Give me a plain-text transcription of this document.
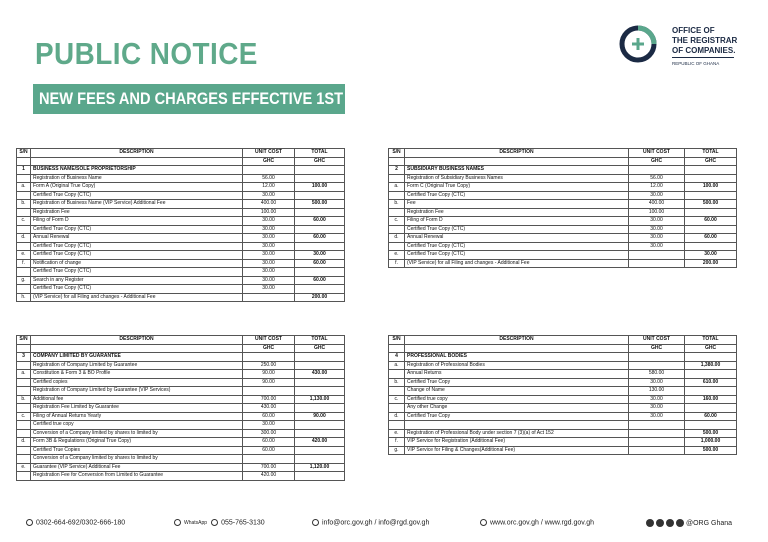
PUBLIC NOTICE
NEW FEES AND CHARGES EFFECTIVE 1ST JAN. 2023
OFFICE OF
THE REGISTRAR
OF COMPANIES.
REPUBLIC OF GHANA
S/N	DESCRIPTION	UNIT COST	TOTAL
		GHC	GHC
1	BUSINESS NAME/SOLE PROPRIETORSHIP		
	Registration of Business Name	56.00	
a.	Form A (Original True Copy)	12.00	100.00
	Certified True Copy (CTC)	30.00	
b.	Registration of Business Name (VIP Service) Additional Fee	400.00	500.00
	Registration Fee	100.00	
c.	Filing of Form D	30.00	60.00
	Certified True Copy (CTC)	30.00	
d.	Annual Renewal	30.00	60.00
	Certified True Copy (CTC)	30.00	
e.	Certified True Copy (CTC)	30.00	30.00
f.	Notification of change	30.00	60.00
	Certified True Copy (CTC)	30.00	
g.	Search in any Register	30.00	60.00
	Certified True Copy (CTC)	30.00	
h.	(VIP Service) for all Filing and changes - Additional Fee		200.00
S/N	DESCRIPTION	UNIT COST	TOTAL
		GHC	GHC
2	SUBSIDIARY BUSINESS NAMES		
	Registration of Subsidiary Business Names	56.00	
a.	Form C (Original True Copy)	12.00	100.00
	Certified True Copy (CTC)	30.00	
b.	Fee	400.00	500.00
	Registration Fee	100.00	
c.	Filing of Form D	30.00	60.00
	Certified True Copy (CTC)	30.00	
d.	Annual Renewal	30.00	60.00
	Certified True Copy (CTC)	30.00	
e.	Certified True Copy (CTC)		30.00
f.	(VIP Service) for all Filing and changes - Additional Fee		200.00
S/N	DESCRIPTION	UNIT COST	TOTAL
		GHC	GHC
3	COMPANY LIMITED BY GUARANTEE		
	Registration of Company Limited by Guarantee	250.00	
a.	Constitution & Form 3 & BO Profile	90.00	430.00
	Certified copies	90.00	
	Registration of Company Limited by Guarantee (VIP Services)		
b.	Additional fee	700.00	1,130.00
	Registration Fee Limited by Guarantee	430.00	
c.	Filing of Annual Returns Yearly	60.00	90.00
	Certified true copy	30.00	
	Conversion of a Company limited by shares to limited by	300.00	
d.	Form 3B & Regulations (Original True Copy)	60.00	420.00
	Certified True Copies	60.00	
	Conversion of a Company limited by shares to limited by		
e.	Guarantee (VIP Service) Additional Fee	700.00	1,120.00
	Registration Fee for Conversion from Limited to Guarantee	420.00	
S/N	DESCRIPTION	UNIT COST	TOTAL
		GHC	GHC
4	PROFESSIONAL BODIES		
a.	Registration of Professional Bodies		1,380.00
	Annual Returns	580.00	
b.	Certified True Copy	30.00	610.00
	Change of Name	130.00	
c.	Certified true copy	30.00	160.00
	Any other Change	30.00	
d.	Certified True Copy	30.00	60.00

e.	Registration of Professional Body under section 7 (3)(a) of Act 152		500.00
f.	VIP Service for Registration (Additional Fee)		1,000.00
g.	VIP Service for Filing & Changes(Additional Fee)		500.00
0302-664-692/0302-666-180	WhatsApp 055-765-3130	info@orc.gov.gh / info@rgd.gov.gh	www.orc.gov.gh / www.rgd.gov.gh	@ORG Ghana
